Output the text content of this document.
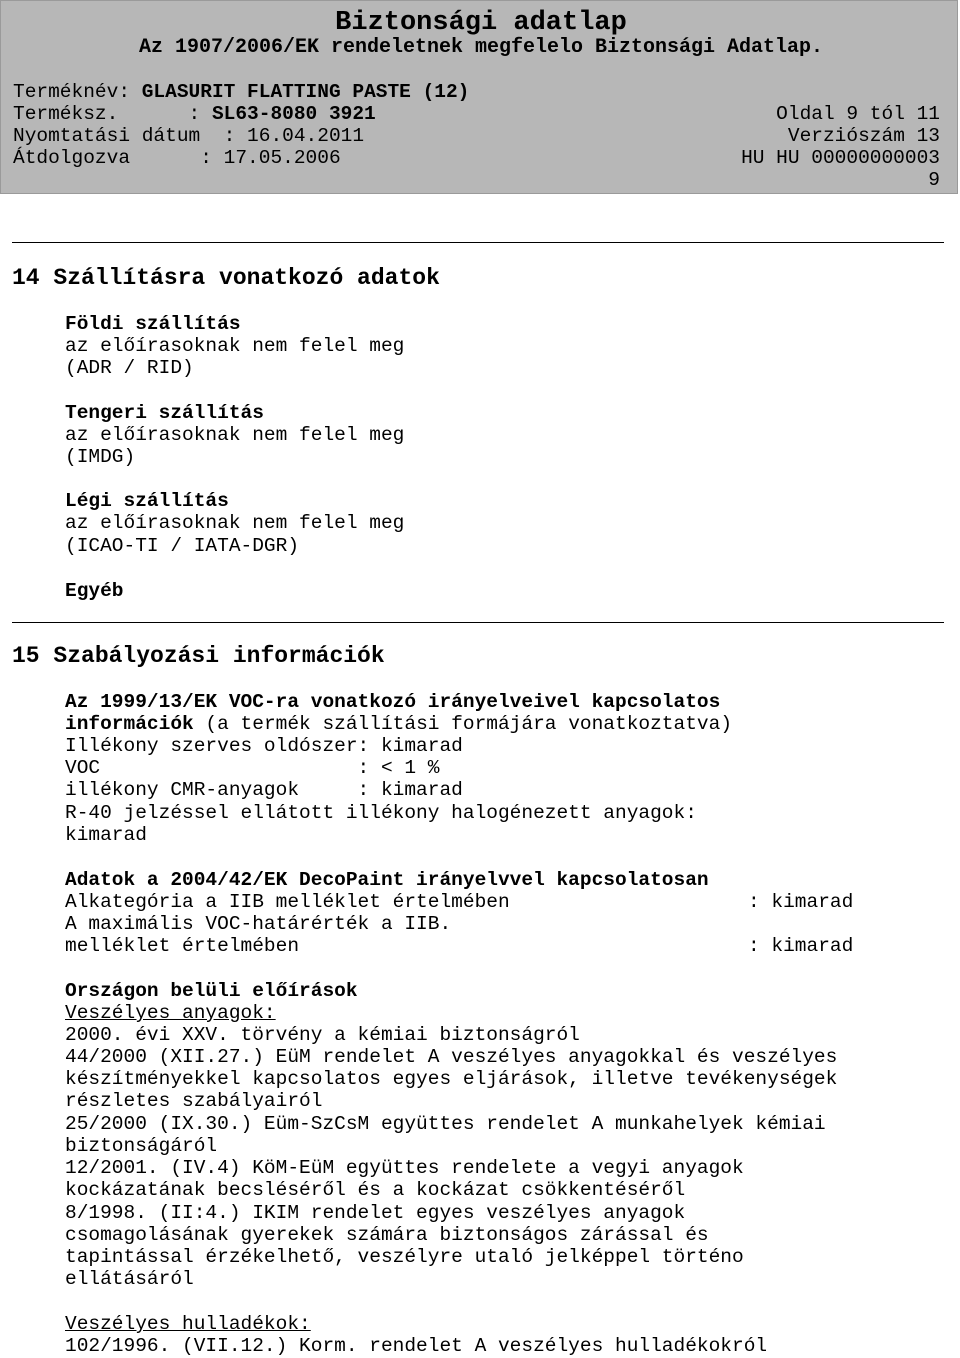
Biztonsági adatlap
Az 1907/2006/EK rendeletnek megfelelo Biztonsági Adatlap.
Terméknév: GLASURIT FLATTING PASTE (12)
Terméksz.      : SL63-8080 3921	Oldal 9 tól 11
Nyomtatási dátum  : 16.04.2011	Verziószám 13
Átdolgozva      : 17.05.2006	HU HU 00000000003
9
14 Szállításra vonatkozó adatok
Földi szállítás
az előírasoknak nem felel meg
(ADR / RID)
Tengeri szállítás
az előírasoknak nem felel meg
(IMDG)
Légi szállítás
az előírasoknak nem felel meg
(ICAO-TI / IATA-DGR)
Egyéb
15 Szabályozási információk
Az 1999/13/EK VOC-ra vonatkozó irányelveivel kapcsolatos
információk (a termék szállítási formájára vonatkoztatva)
Illékony szerves oldószer: kimarad
VOC                      : < 1 %
illékony CMR-anyagok     : kimarad
R-40 jelzéssel ellátott illékony halogénezett anyagok:
kimarad
Adatok a 2004/42/EK DecoPaint irányelvvel kapcsolatosan
Alkategória a IIB melléklet értelmében	: kimarad
A maximális VOC-határérték a IIB.
melléklet értelmében	: kimarad
Országon belüli előírások
Veszélyes anyagok:
2000. évi XXV. törvény a kémiai biztonságról
44/2000 (XII.27.) EüM rendelet A veszélyes anyagokkal és veszélyes
készítményekkel kapcsolatos egyes eljárások, illetve tevékenységek
részletes szabályairól
25/2000 (IX.30.) Eüm-SzCsM együttes rendelet A munkahelyek kémiai
biztonságáról
12/2001. (IV.4) KöM-EüM együttes rendelete a vegyi anyagok
kockázatának becsléséről és a kockázat csökkentéséről
8/1998. (II:4.) IKIM rendelet egyes veszélyes anyagok
csomagolásának gyerekek számára biztonságos zárással és
tapintással érzékelhető, veszélyre utaló jelképpel történo
ellátásáról
Veszélyes hulladékok:
102/1996. (VII.12.) Korm. rendelet A veszélyes hulladékokról
